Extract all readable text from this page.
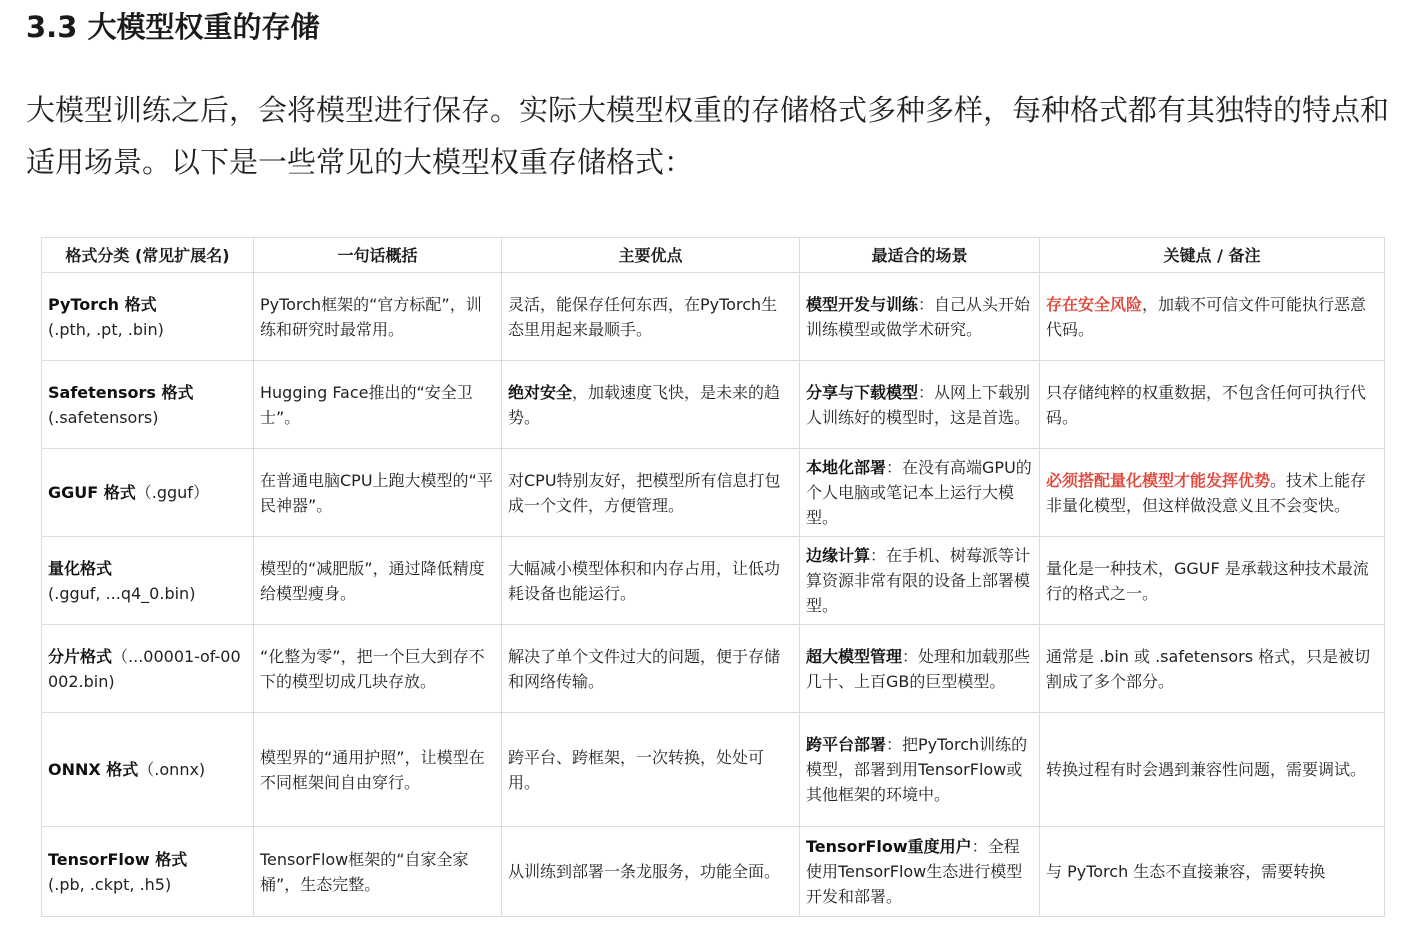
3.3 大模型权重的存储

大模型训练之后，会将模型进行保存。实际大模型权重的存储格式多种多样，每种格式都有其独特的特点和适用场景。以下是一些常见的大模型权重存储格式：

格式分类 (常见扩展名)	一句话概括	主要优点	最适合的场景	关键点 / 备注
PyTorch 格式
(.pth, .pt, .bin)	PyTorch框架的“官方标配”，训练和研究时最常用。	灵活，能保存任何东西，在PyTorch生态里用起来最顺手。	模型开发与训练：自己从头开始训练模型或做学术研究。	存在安全风险，加载不可信文件可能执行恶意代码。
Safetensors 格式
(.safetensors)	Hugging Face推出的“安全卫士”。	绝对安全，加载速度飞快，是未来的趋势。	分享与下载模型：从网上下载别人训练好的模型时，这是首选。	只存储纯粹的权重数据，不包含任何可执行代码。
GGUF 格式（.gguf）	在普通电脑CPU上跑大模型的“平民神器”。	对CPU特别友好，把模型所有信息打包成一个文件，方便管理。	本地化部署：在没有高端GPU的个人电脑或笔记本上运行大模型。	必须搭配量化模型才能发挥优势。技术上能存非量化模型，但这样做没意义且不会变快。
量化格式
(.gguf, ...q4_0.bin)	模型的“减肥版”，通过降低精度给模型瘦身。	大幅减小模型体积和内存占用，让低功耗设备也能运行。	边缘计算：在手机、树莓派等计算资源非常有限的设备上部署模型。	量化是一种技术，GGUF 是承载这种技术最流行的格式之一。
分片格式（...00001-of-00002.bin)	“化整为零”，把一个巨大到存不下的模型切成几块存放。	解决了单个文件过大的问题，便于存储和网络传输。	超大模型管理：处理和加载那些几十、上百GB的巨型模型。	通常是 .bin 或 .safetensors 格式，只是被切割成了多个部分。
ONNX 格式（.onnx)	模型界的“通用护照”，让模型在不同框架间自由穿行。	跨平台、跨框架，一次转换，处处可用。	跨平台部署：把PyTorch训练的模型，部署到用TensorFlow或其他框架的环境中。	转换过程有时会遇到兼容性问题，需要调试。
TensorFlow 格式
(.pb, .ckpt, .h5)	TensorFlow框架的“自家全家桶”，生态完整。	从训练到部署一条龙服务，功能全面。	TensorFlow重度用户：全程使用TensorFlow生态进行模型开发和部署。	与 PyTorch 生态不直接兼容，需要转换
